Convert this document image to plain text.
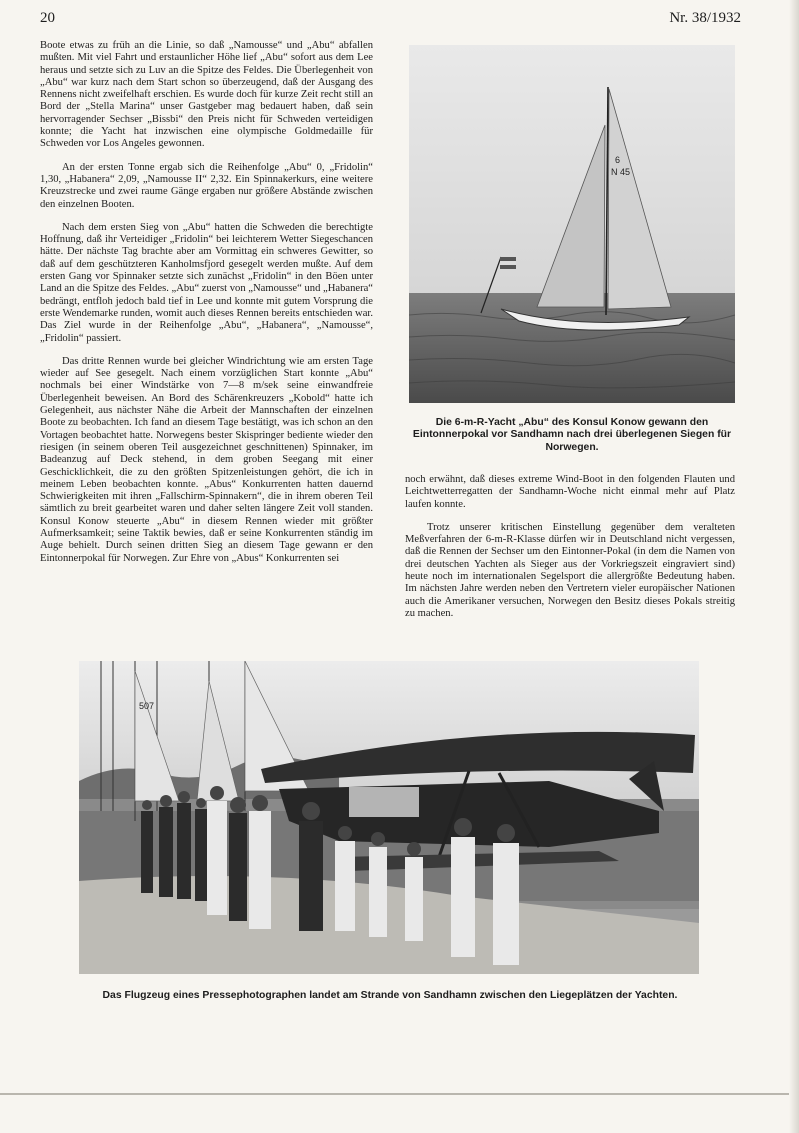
20	Nr. 38/1932

Boote etwas zu früh an die Linie, so daß „Namousse“ und „Abu“ abfallen mußten. Mit viel Fahrt und erstaunlicher Höhe lief „Abu“ sofort aus dem Lee heraus und setzte sich zu Luv an die Spitze des Feldes. Die Überlegenheit von „Abu“ war kurz nach dem Start schon so überzeugend, daß der Ausgang des Rennens nicht zweifelhaft erschien. Es wurde doch für kurze Zeit recht still an Bord der „Stella Marina“ unser Gastgeber mag bedauert haben, daß sein hervorragender Sechser „Bissbi“ den Preis nicht für Schweden verteidigen konnte; die Yacht hat inzwischen eine olympische Goldmedaille für Schweden vor Los Angeles gewonnen.

An der ersten Tonne ergab sich die Reihenfolge „Abu“ 0, „Fridolin“ 1,30, „Habanera“ 2,09, „Namousse II“ 2,32. Ein Spinnakerkurs, eine weitere Kreuzstrecke und zwei raume Gänge ergaben nur größere Abstände zwischen den einzelnen Booten.

Nach dem ersten Sieg von „Abu“ hatten die Schweden die berechtigte Hoffnung, daß ihr Verteidiger „Fridolin“ bei leichterem Wetter Siegeschancen hätte. Der nächste Tag brachte aber am Vormittag ein schweres Gewitter, so daß auf dem geschützteren Kanholmsfjord gesegelt werden mußte. Auf dem ersten Gang vor Spinnaker setzte sich zunächst „Fridolin“ in den Böen unter Land an die Spitze des Feldes. „Abu“ zuerst von „Namousse“ und „Habanera“ bedrängt, entfloh jedoch bald tief in Lee und konnte mit gutem Vorsprung die erste Wendemarke runden, womit auch dieses Rennen bereits entschieden war. Das Ziel wurde in der Reihenfolge „Abu“, „Habanera“, „Namousse“, „Fridolin“ passiert.

Das dritte Rennen wurde bei gleicher Windrichtung wie am ersten Tage wieder auf See gesegelt. Nach einem vorzüglichen Start konnte „Abu“ nochmals bei einer Windstärke von 7—8 m/sek seine einwandfreie Überlegenheit beweisen. An Bord des Schärenkreuzers „Kobold“ hatte ich Gelegenheit, aus nächster Nähe die Arbeit der Mannschaften der einzelnen Boote zu beobachten. Ich fand an diesem Tage bestätigt, was ich schon an den Vortagen beobachtet hatte. Norwegens bester Skispringer bediente wieder den riesigen (in seinem oberen Teil ausgezeichnet geschnittenen) Spinnaker, im Badeanzug auf Deck stehend, in dem groben Seegang mit einer Geschicklichkeit, die zu den größten Spitzenleistungen gehört, die ich in meinem Leben beobachten konnte. „Abus“ Konkurrenten hatten dauernd Schwierigkeiten mit ihren „Fallschirm-Spinnakern“, die in ihrem oberen Teil sämtlich zu breit gearbeitet waren und daher selten längere Zeit voll standen. Konsul Konow steuerte „Abu“ in diesem Rennen wieder mit größter Aufmerksamkeit; seine Taktik bewies, daß er seine Konkurrenten ständig im Auge behielt. Durch seinen dritten Sieg an diesem Tage gewann er den Eintonnerpokal für Norwegen. Zur Ehre von „Abus“ Konkurrenten sei

6
N 45
Die 6-m-R-Yacht „Abu“ des Konsul Konow gewann den Eintonnerpokal vor Sandhamn nach drei überlegenen Siegen für Norwegen.

noch erwähnt, daß dieses extreme Wind-Boot in den folgenden Flauten und Leichtwetterregatten der Sandhamn-Woche nicht einmal mehr auf Platz laufen konnte.

Trotz unserer kritischen Einstellung gegenüber dem veralteten Meßverfahren der 6-m-R-Klasse dürfen wir in Deutschland nicht vergessen, daß die Rennen der Sechser um den Eintonner-Pokal (in dem die Namen von drei deutschen Yachten als Sieger aus der Vorkriegszeit eingraviert sind) heute noch im internationalen Segelsport die allergrößte Bedeutung haben. Im nächsten Jahre werden neben den Vertretern vieler europäischer Nationen auch die Amerikaner versuchen, Norwegen den Besitz dieses Pokals streitig zu machen.

507
Das Flugzeug eines Pressephotographen landet am Strande von Sandhamn zwischen den Liegeplätzen der Yachten.
